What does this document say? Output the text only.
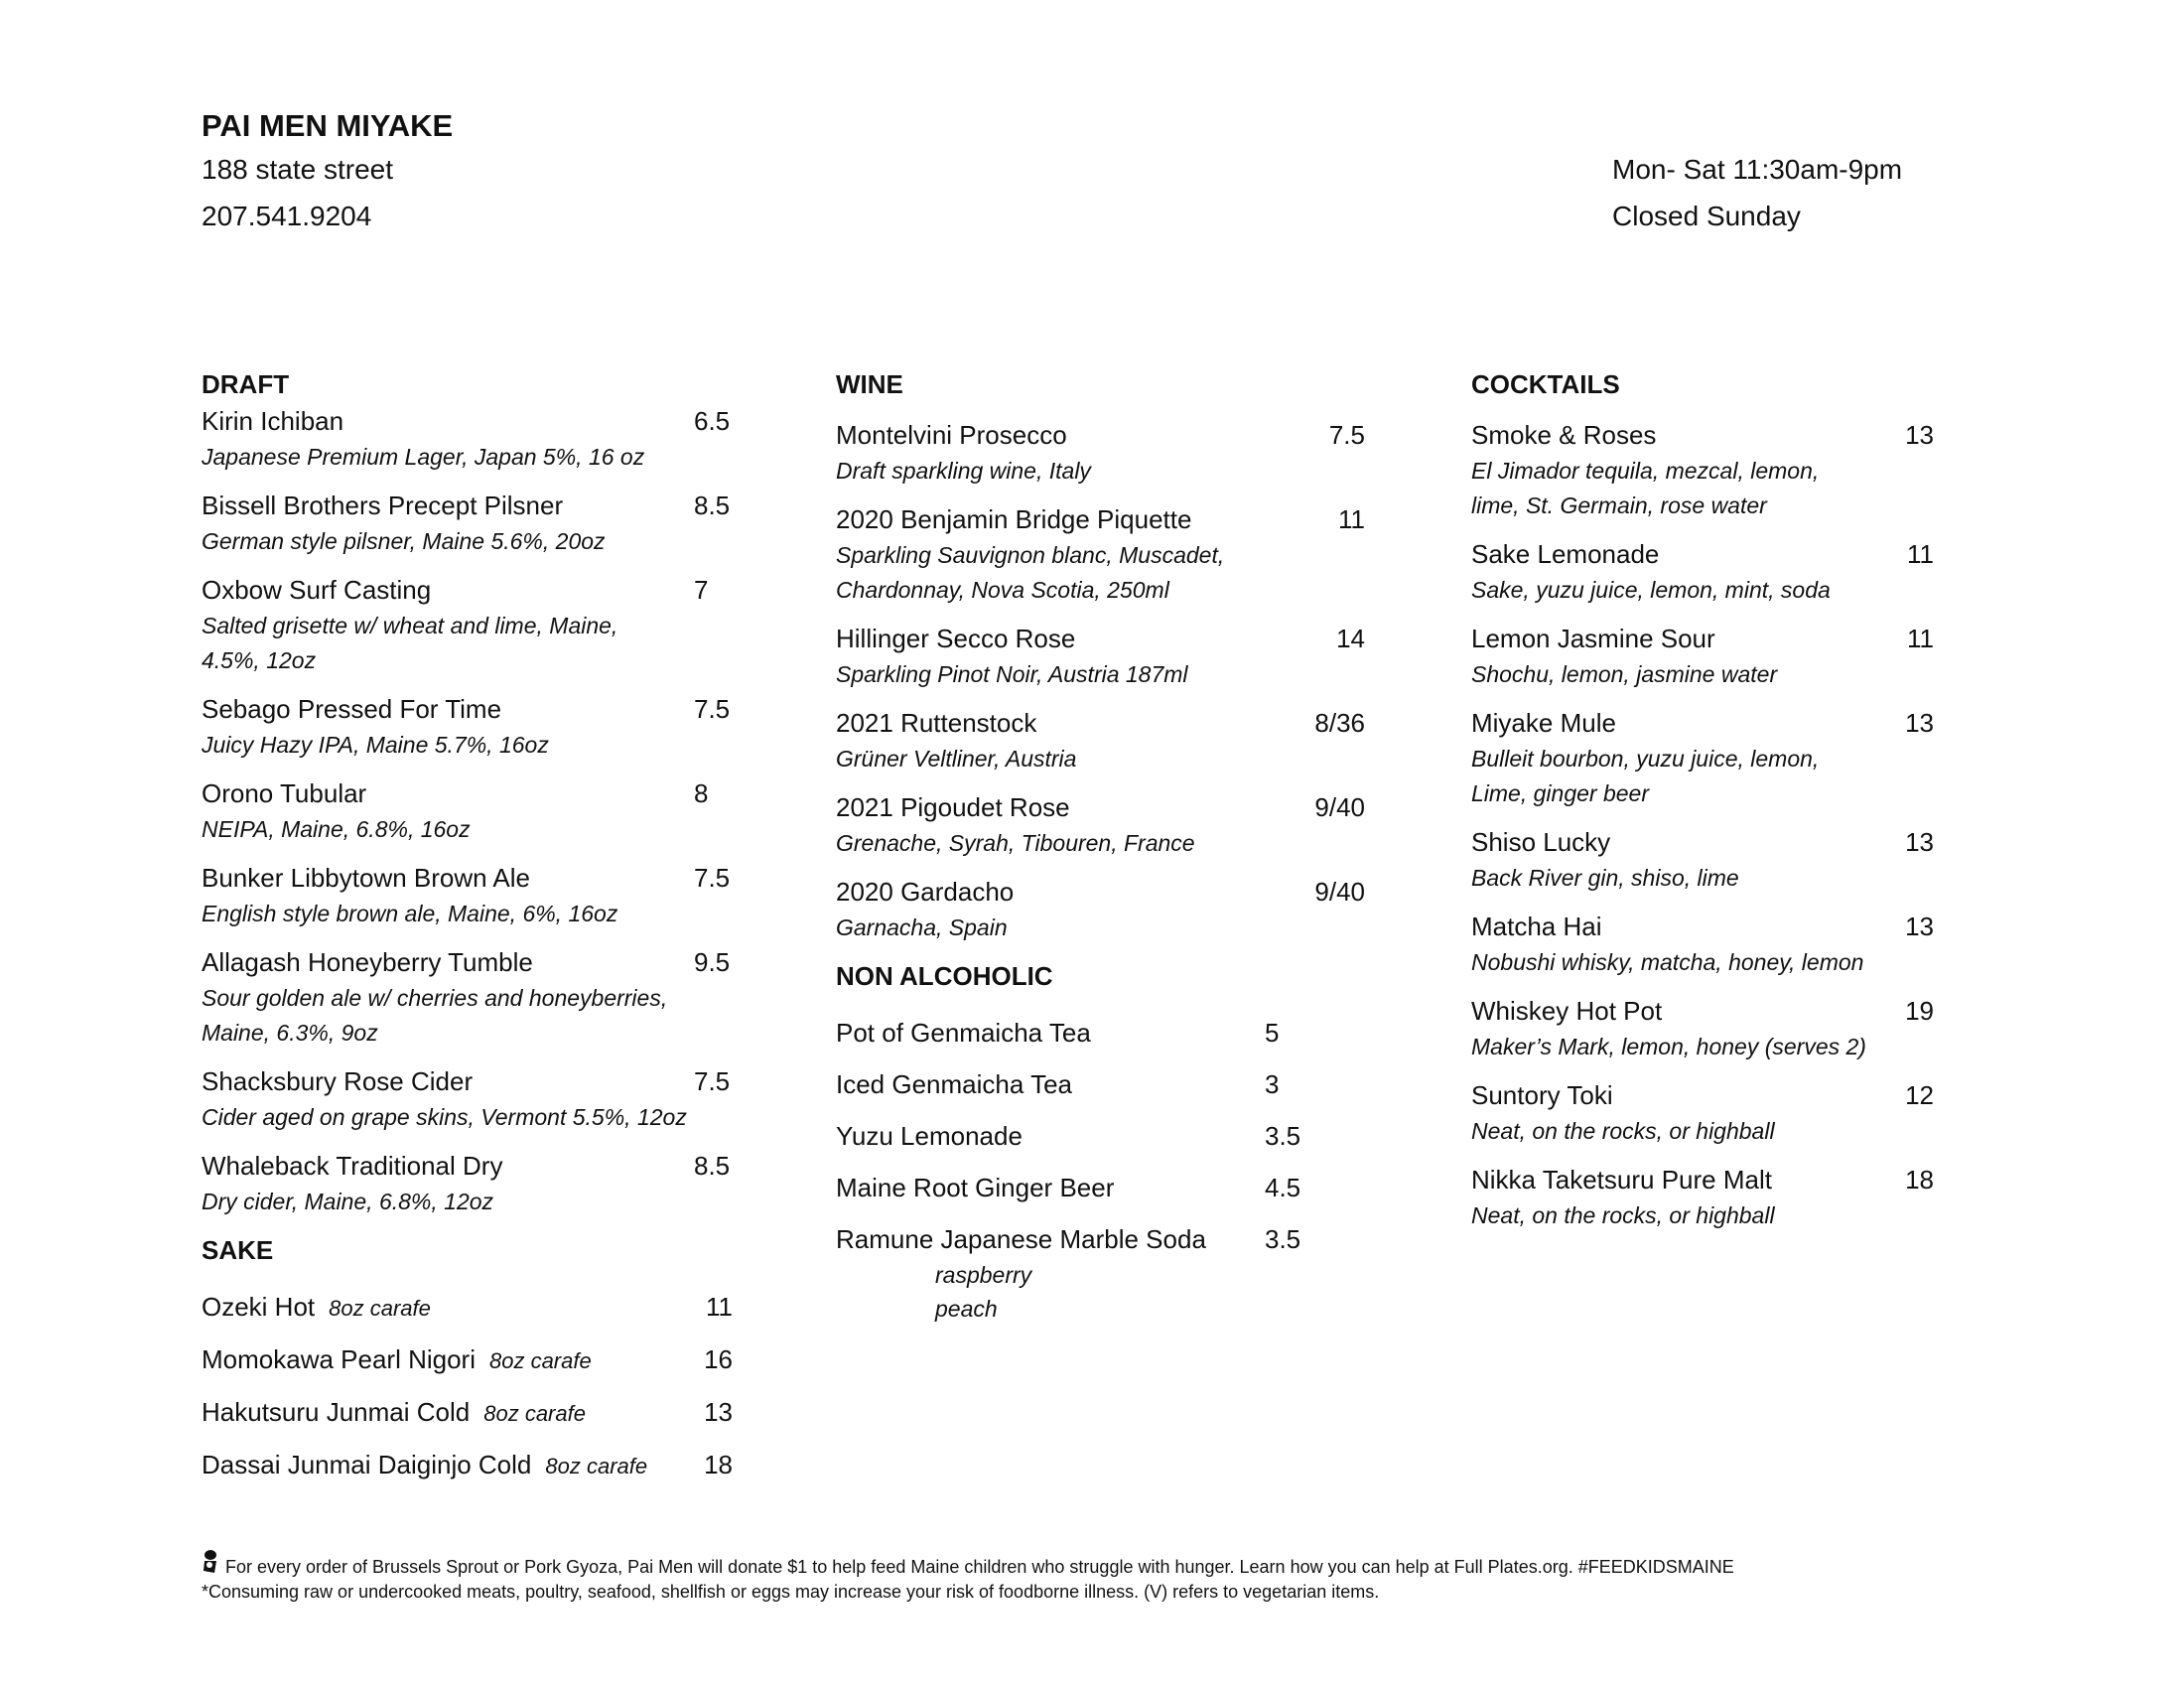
PAI MEN MIYAKE
188 state street
207.541.9204
Mon- Sat 11:30am-9pm
Closed Sunday
DRAFT
Kirin Ichiban	6.5
Japanese Premium Lager, Japan 5%, 16 oz
Bissell Brothers Precept Pilsner	8.5
German style pilsner, Maine 5.6%, 20oz
Oxbow Surf Casting	7
Salted grisette w/ wheat and lime, Maine,
4.5%, 12oz
Sebago Pressed For Time	7.5
Juicy Hazy IPA, Maine 5.7%, 16oz
Orono Tubular	8
NEIPA, Maine, 6.8%, 16oz
Bunker Libbytown Brown Ale	7.5
English style brown ale, Maine, 6%, 16oz
Allagash Honeyberry Tumble	9.5
Sour golden ale w/ cherries and honeyberries,
Maine, 6.3%, 9oz
Shacksbury Rose Cider	7.5
Cider aged on grape skins, Vermont 5.5%, 12oz
Whaleback Traditional Dry	8.5
Dry cider, Maine, 6.8%, 12oz
SAKE
Ozeki Hot 8oz carafe	11
Momokawa Pearl Nigori 8oz carafe	16
Hakutsuru Junmai Cold 8oz carafe	13
Dassai Junmai Daiginjo Cold 8oz carafe	18
WINE
Montelvini Prosecco	7.5
Draft sparkling wine, Italy
2020 Benjamin Bridge Piquette	11
Sparkling Sauvignon blanc, Muscadet,
Chardonnay, Nova Scotia, 250ml
Hillinger Secco Rose	14
Sparkling Pinot Noir, Austria 187ml
2021 Ruttenstock	8/36
Grüner Veltliner, Austria
2021 Pigoudet Rose	9/40
Grenache, Syrah, Tibouren, France
2020 Gardacho	9/40
Garnacha, Spain
NON ALCOHOLIC
Pot of Genmaicha Tea	5
Iced Genmaicha Tea	3
Yuzu Lemonade	3.5
Maine Root Ginger Beer	4.5
Ramune Japanese Marble Soda	3.5
raspberry
peach
COCKTAILS
Smoke & Roses	13
El Jimador tequila, mezcal, lemon,
lime, St. Germain, rose water
Sake Lemonade	11
Sake, yuzu juice, lemon, mint, soda
Lemon Jasmine Sour	11
Shochu, lemon, jasmine water
Miyake Mule	13
Bulleit bourbon, yuzu juice, lemon,
Lime, ginger beer
Shiso Lucky	13
Back River gin, shiso, lime
Matcha Hai	13
Nobushi whisky, matcha, honey, lemon
Whiskey Hot Pot	19
Maker’s Mark, lemon, honey (serves 2)
Suntory Toki	12
Neat, on the rocks, or highball
Nikka Taketsuru Pure Malt	18
Neat, on the rocks, or highball
For every order of Brussels Sprout or Pork Gyoza, Pai Men will donate $1 to help feed Maine children who struggle with hunger. Learn how you can help at Full Plates.org. #FEEDKIDSMAINE
*Consuming raw or undercooked meats, poultry, seafood, shellfish or eggs may increase your risk of foodborne illness. (V) refers to vegetarian items.
